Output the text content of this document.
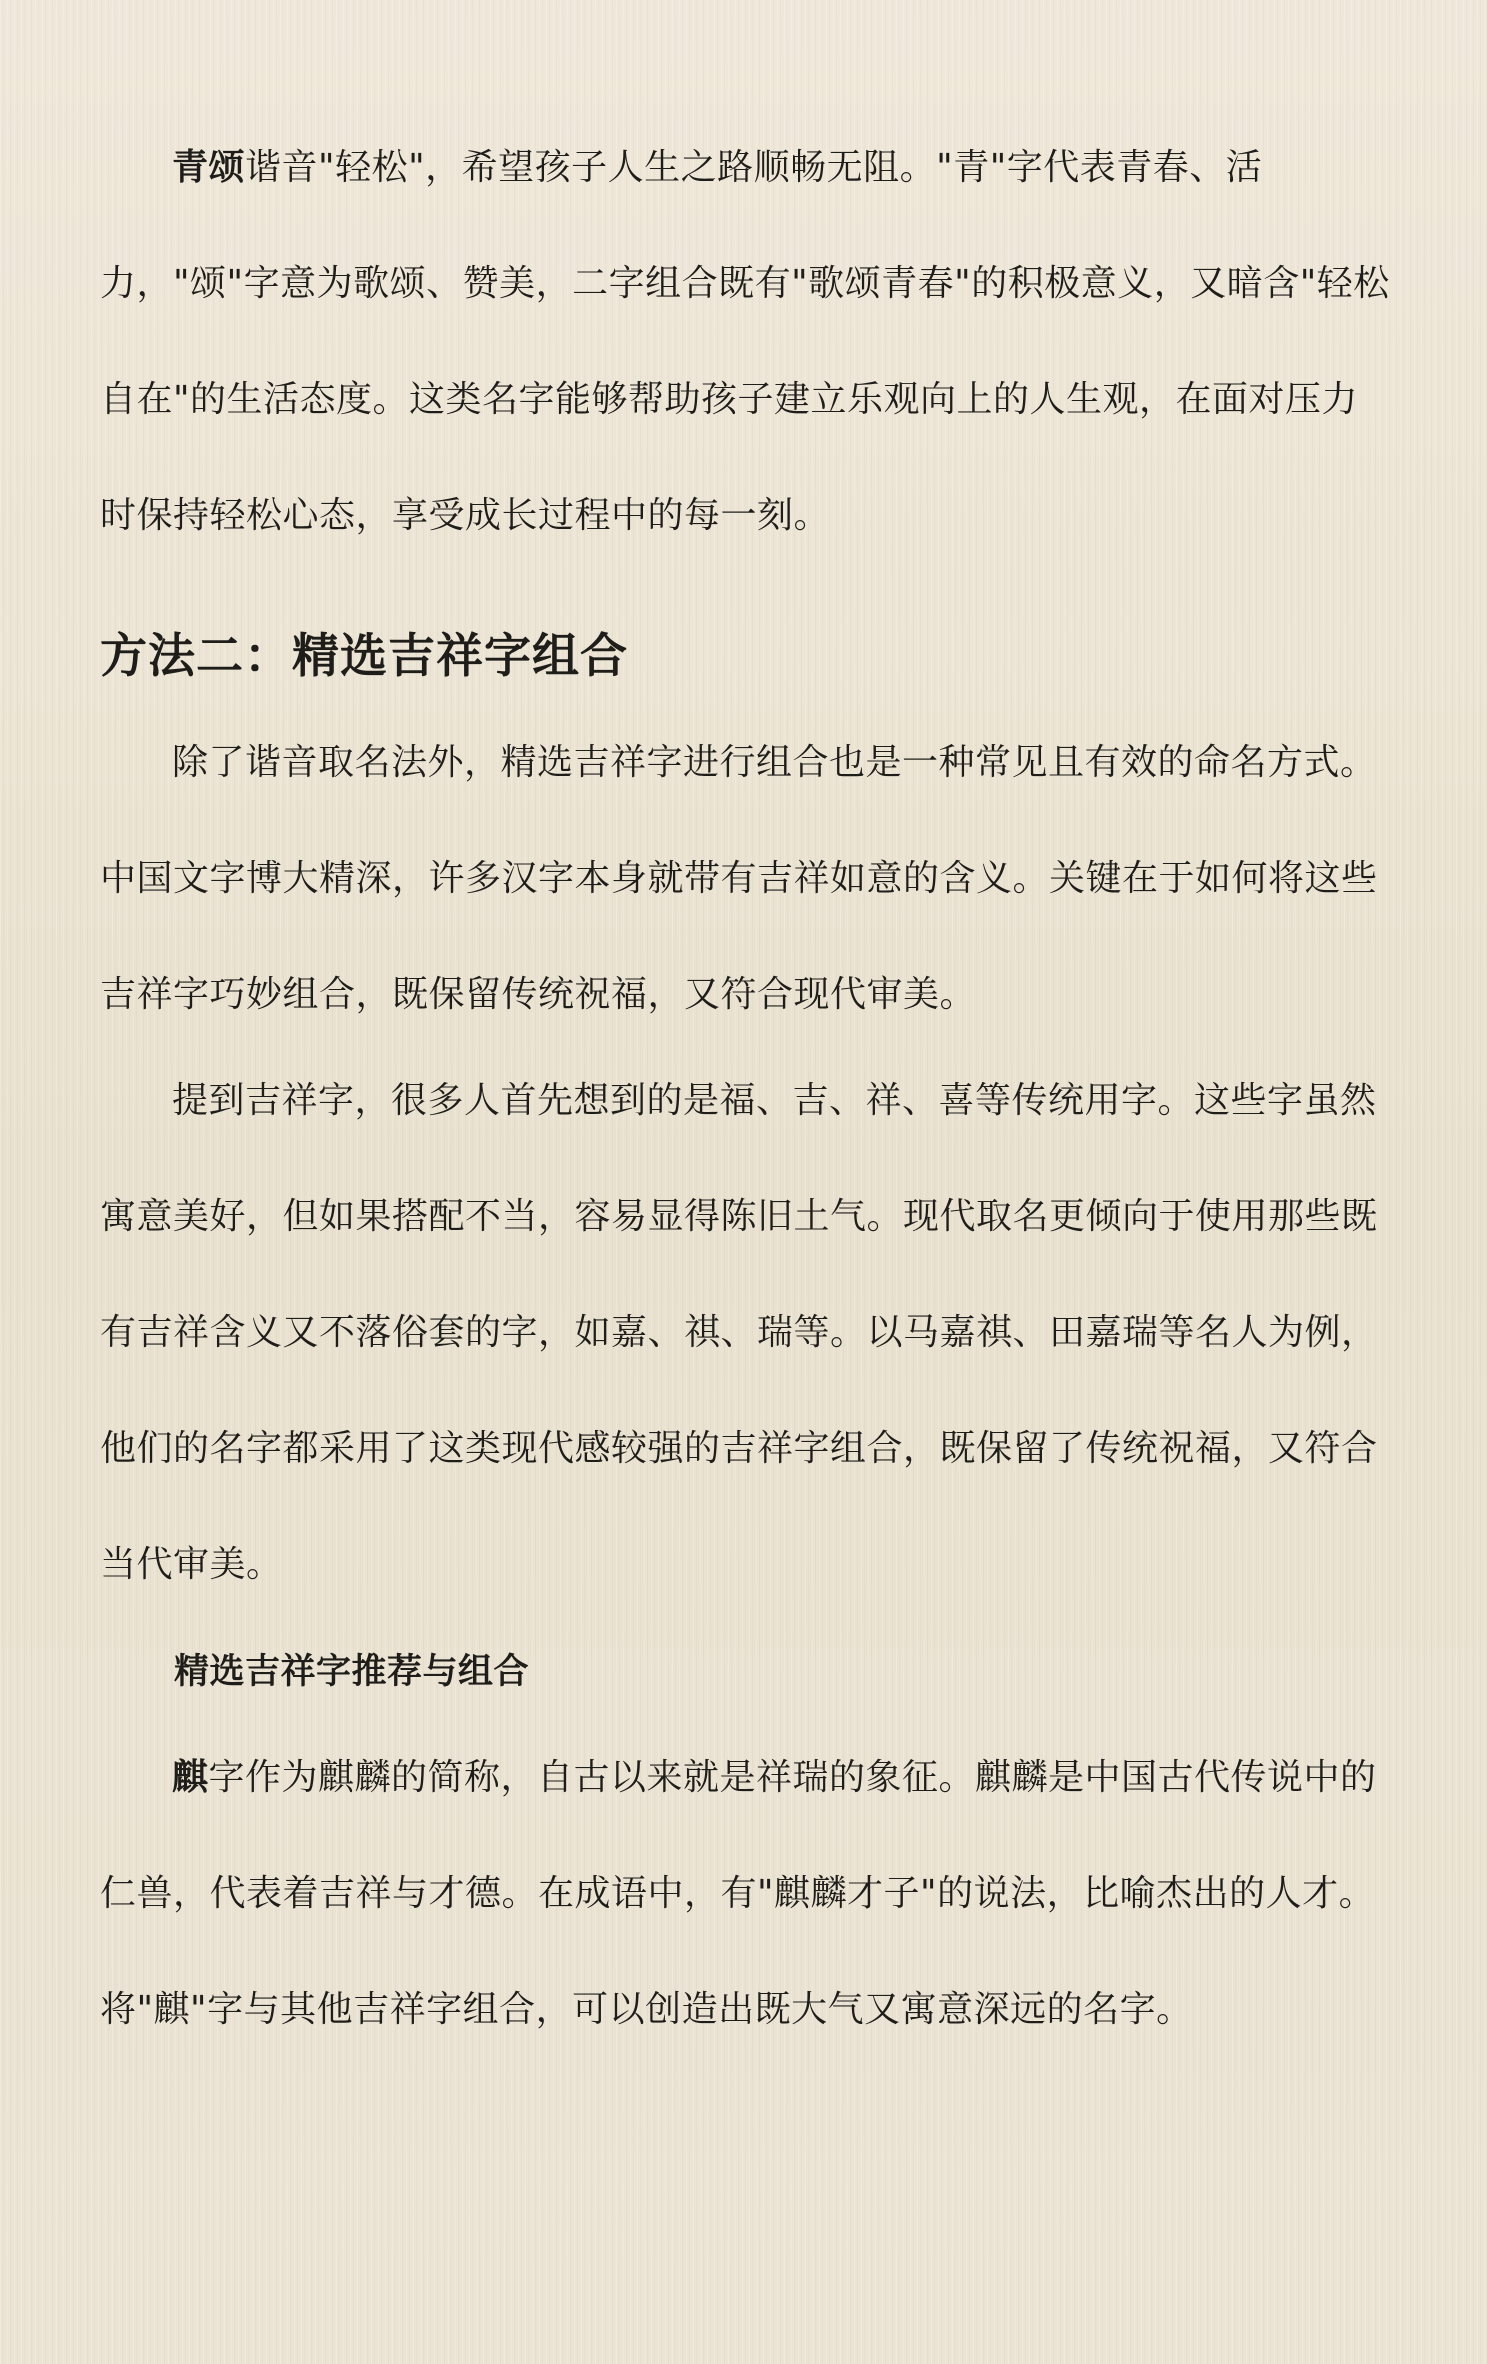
青颂谐音"轻松"，希望孩子人生之路顺畅无阻。"青"字代表青春、活力，"颂"字意为歌颂、赞美，二字组合既有"歌颂青春"的积极意义，又暗含"轻松自在"的生活态度。这类名字能够帮助孩子建立乐观向上的人生观，在面对压力时保持轻松心态，享受成长过程中的每一刻。

方法二：精选吉祥字组合

除了谐音取名法外，精选吉祥字进行组合也是一种常见且有效的命名方式。中国文字博大精深，许多汉字本身就带有吉祥如意的含义。关键在于如何将这些吉祥字巧妙组合，既保留传统祝福，又符合现代审美。

提到吉祥字，很多人首先想到的是福、吉、祥、喜等传统用字。这些字虽然寓意美好，但如果搭配不当，容易显得陈旧土气。现代取名更倾向于使用那些既有吉祥含义又不落俗套的字，如嘉、祺、瑞等。以马嘉祺、田嘉瑞等名人为例，他们的名字都采用了这类现代感较强的吉祥字组合，既保留了传统祝福，又符合当代审美。

精选吉祥字推荐与组合

麒字作为麒麟的简称，自古以来就是祥瑞的象征。麒麟是中国古代传说中的仁兽，代表着吉祥与才德。在成语中，有"麒麟才子"的说法，比喻杰出的人才。将"麒"字与其他吉祥字组合，可以创造出既大气又寓意深远的名字。
